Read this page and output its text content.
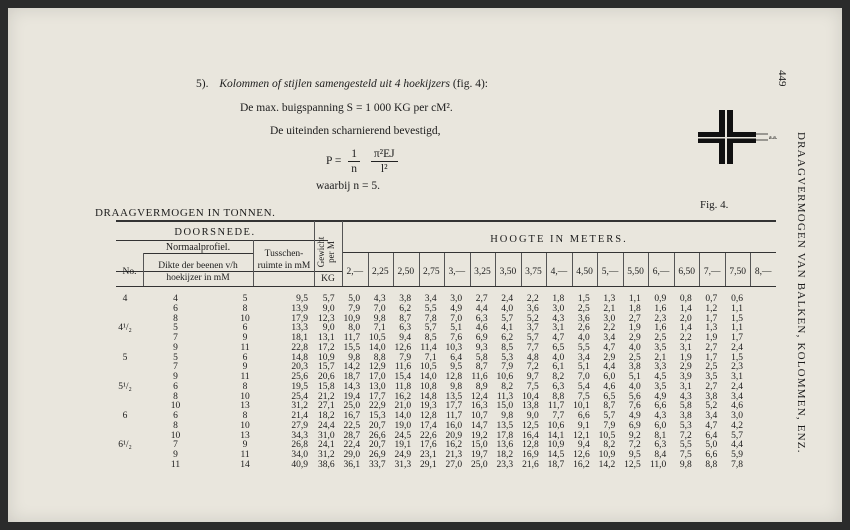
5). Kolommen of stijlen samengesteld uit 4 hoekijzers (fig. 4):
De max. buigspanning S = 1 000 KG per cM².
De uiteinden scharnierend bevestigd,
$P = \frac{1}{n}$
$\frac{\text{π²EJ}}{\text{l²}}$
waarbij n = 5.
DRAAGVERMOGEN IN TONNEN.
Fig. 4.
449
DRAAGVERMOGEN VAN BALKEN, KOLOMMEN, ENZ.
a.a.
DOORSNEDE.
Normaalprofiel.
No.
Dikte der beenen v/h hoekijzer in mM
Tusschen-ruimte in mM Gewicht per M
KG
HOOGTE IN METERS.
2,— 2,25 2,50 2,75 3,— 3,25 3,50 3,75 4,— 4,50 5,— 5,50 6,— 6,50 7,— 7,50 8,—
4	4	5	9,5	5,7	5,0	4,3	3,8	3,4	3,0	2,7	2,4	2,2	1,8	1,5	1,3	1,1	0,9	0,8	0,7	0,6
	6	8	13,9	9,0	7,9	7,0	6,2	5,5	4,9	4,4	4,0	3,6	3,0	2,5	2,1	1,8	1,6	1,4	1,2	1,1
	8	10	17,9	12,3	10,9	9,8	8,7	7,8	7,0	6,3	5,7	5,2	4,3	3,6	3,0	2,7	2,3	2,0	1,7	1,5
4¹/₂	5	6	13,3	9,0	8,0	7,1	6,3	5,7	5,1	4,6	4,1	3,7	3,1	2,6	2,2	1,9	1,6	1,4	1,3	1,1
	7	9	18,1	13,1	11,7	10,5	9,4	8,5	7,6	6,9	6,2	5,7	4,7	4,0	3,4	2,9	2,5	2,2	1,9	1,7
	9	11	22,8	17,2	15,5	14,0	12,6	11,4	10,3	9,3	8,5	7,7	6,5	5,5	4,7	4,0	3,5	3,1	2,7	2,4
5	5	6	14,8	10,9	9,8	8,8	7,9	7,1	6,4	5,8	5,3	4,8	4,0	3,4	2,9	2,5	2,1	1,9	1,7	1,5
	7	9	20,3	15,7	14,2	12,9	11,6	10,5	9,5	8,7	7,9	7,2	6,1	5,1	4,4	3,8	3,3	2,9	2,5	2,3
	9	11	25,6	20,6	18,7	17,0	15,4	14,0	12,8	11,6	10,6	9,7	8,2	7,0	6,0	5,1	4,5	3,9	3,5	3,1
5¹/₂	6	8	19,5	15,8	14,3	13,0	11,8	10,8	9,8	8,9	8,2	7,5	6,3	5,4	4,6	4,0	3,5	3,1	2,7	2,4
	8	10	25,4	21,2	19,4	17,7	16,2	14,8	13,5	12,4	11,3	10,4	8,8	7,5	6,5	5,6	4,9	4,3	3,8	3,4
	10	13	31,2	27,1	25,0	22,9	21,0	19,3	17,7	16,3	15,0	13,8	11,7	10,1	8,7	7,6	6,6	5,8	5,2	4,6
6	6	8	21,4	18,2	16,7	15,3	14,0	12,8	11,7	10,7	9,8	9,0	7,7	6,6	5,7	4,9	4,3	3,8	3,4	3,0
	8	10	27,9	24,4	22,5	20,7	19,0	17,4	16,0	14,7	13,5	12,5	10,6	9,1	7,9	6,9	6,0	5,3	4,7	4,2
	10	13	34,3	31,0	28,7	26,6	24,5	22,6	20,9	19,2	17,8	16,4	14,1	12,1	10,5	9,2	8,1	7,2	6,4	5,7
6¹/₂	7	9	26,8	24,1	22,4	20,7	19,1	17,6	16,2	15,0	13,6	12,8	10,9	9,4	8,2	7,2	6,3	5,5	5,0	4,4
	9	11	34,0	31,2	29,0	26,9	24,9	23,1	21,3	19,7	18,2	16,9	14,5	12,6	10,9	9,5	8,4	7,5	6,6	5,9
	11	14	40,9	38,6	36,1	33,7	31,3	29,1	27,0	25,0	23,3	21,6	18,7	16,2	14,2	12,5	11,0	9,8	8,8	7,8
